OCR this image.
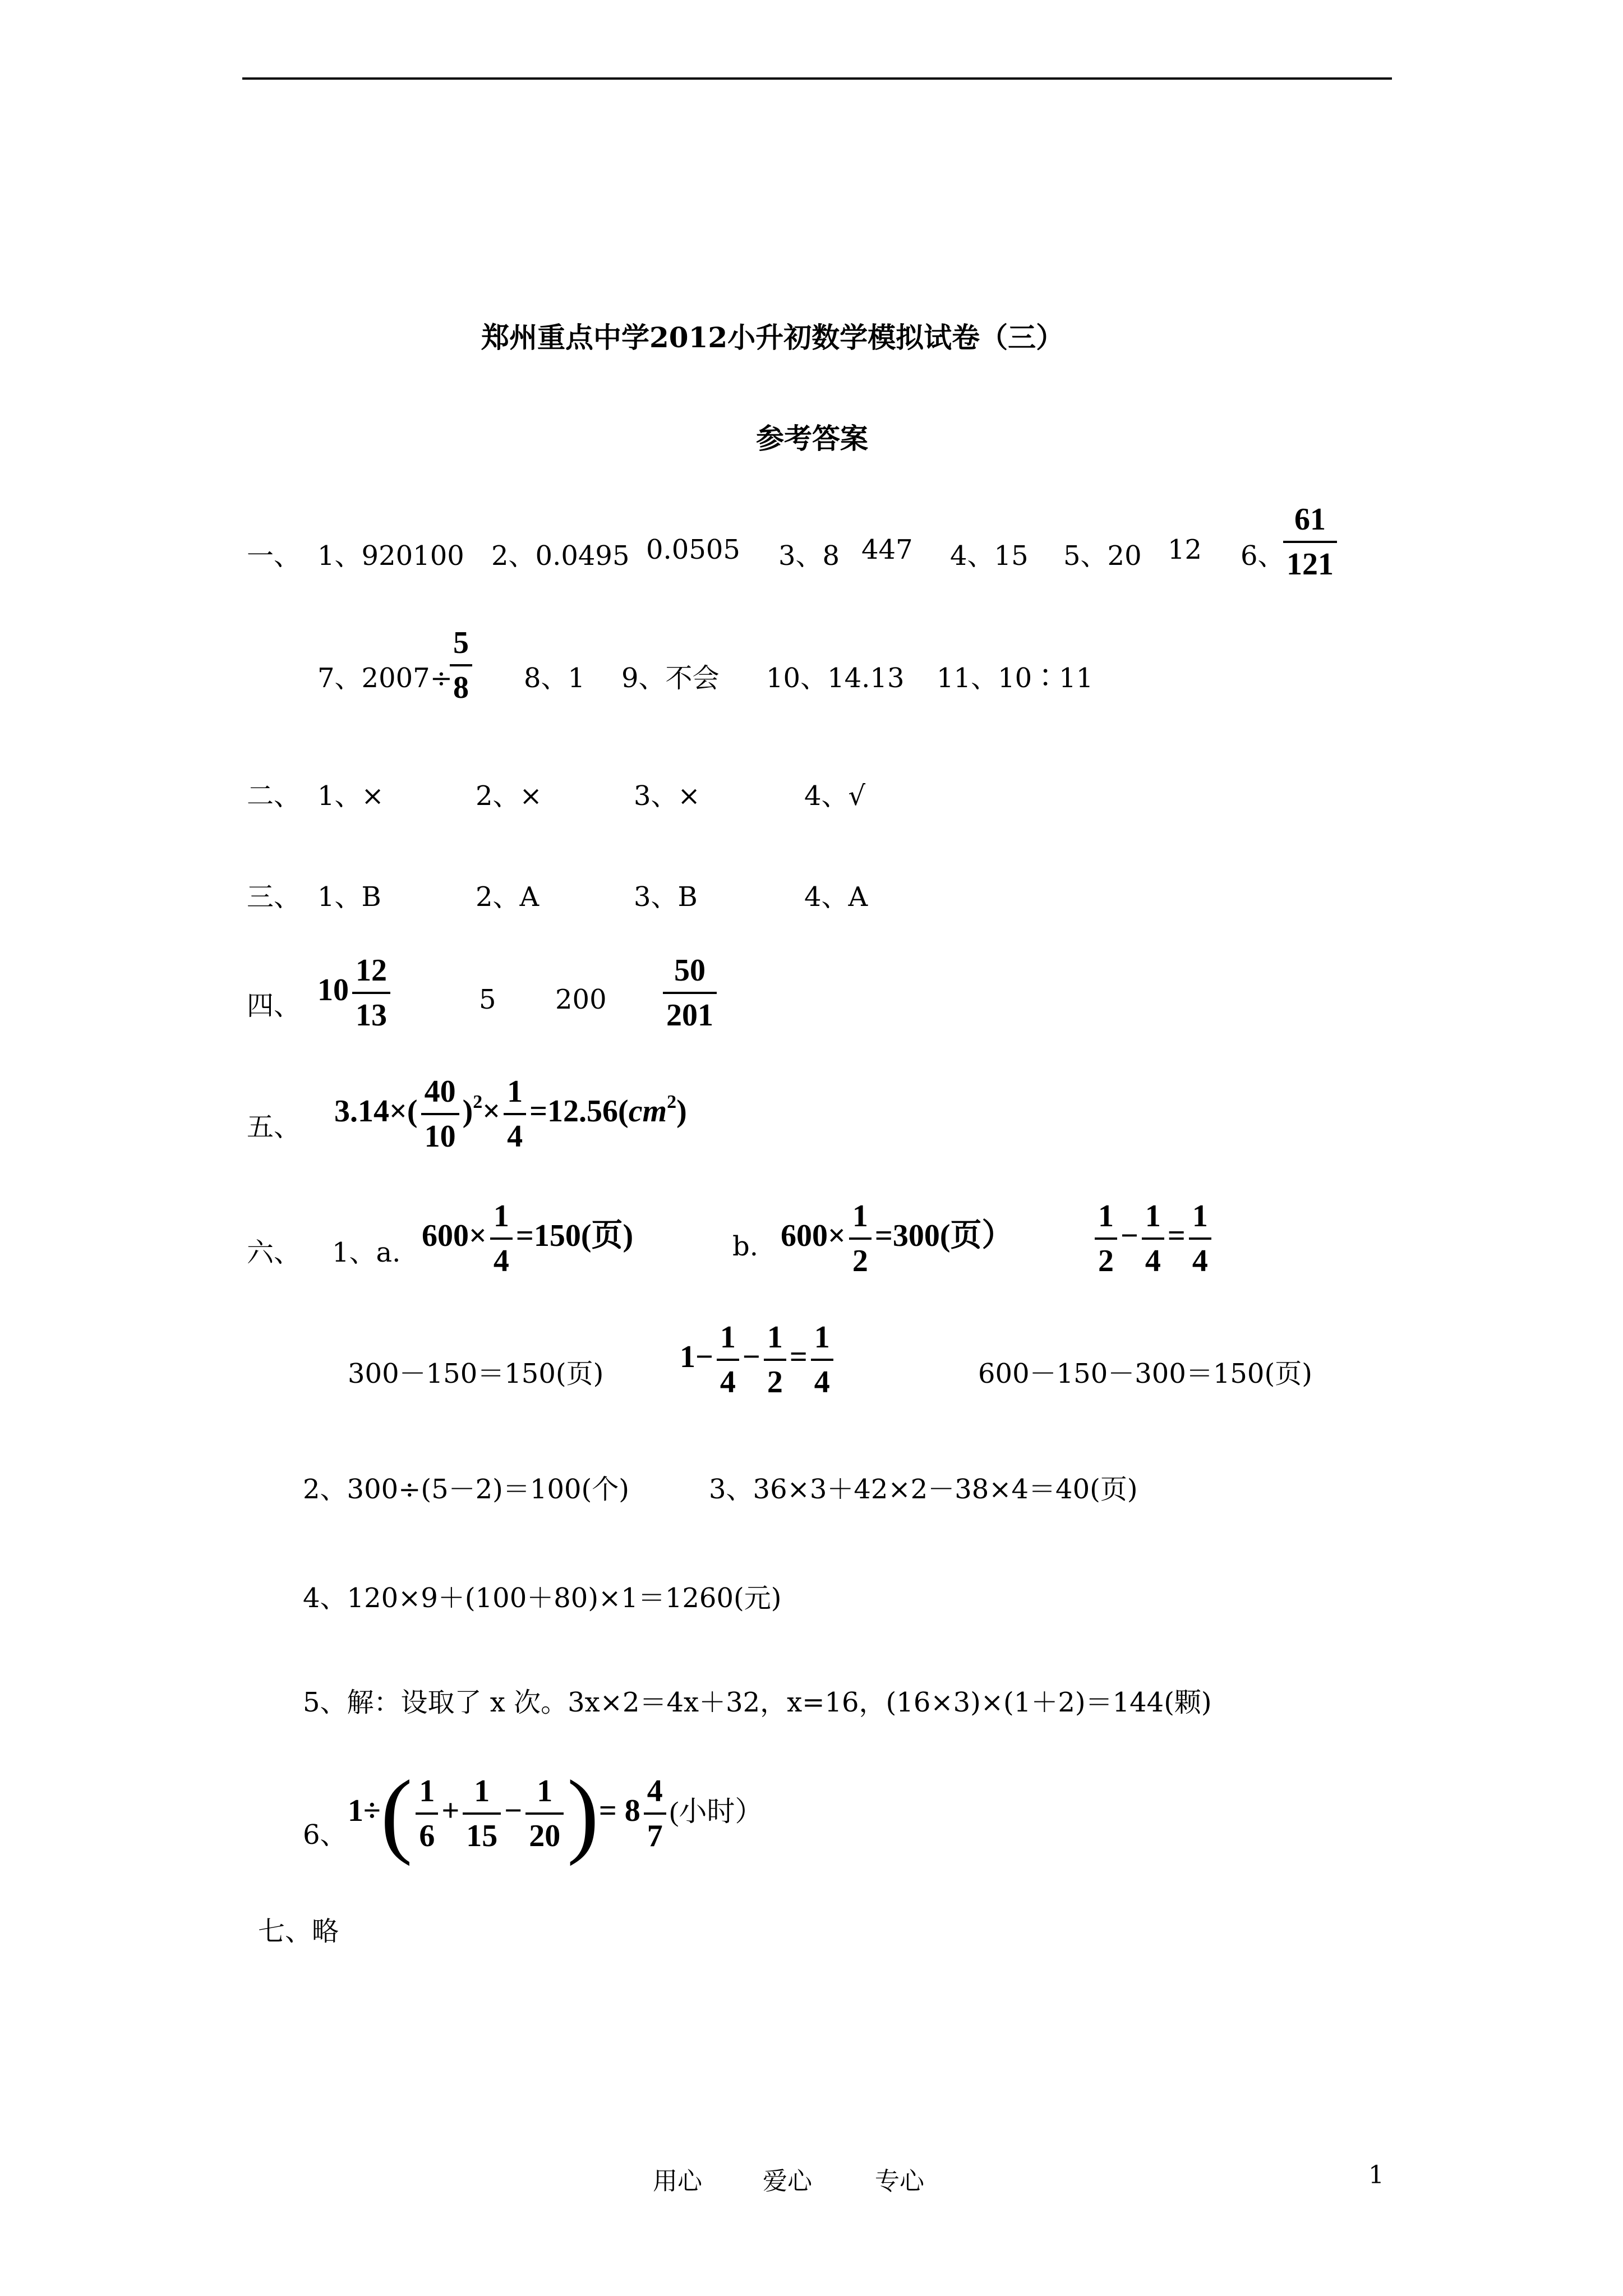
郑州重点中学2012小升初数学模拟试卷（三）
参考答案
一、 1、920100 2、0.0495 0.0505 3、8 447 4、15 5、20 12 6、
$\frac{61}{121}$
7、2007÷
$\frac{5}{8} 8$、1 9、不会 10、14.13 11、10∶11
二、 1、×	2、×	3、×	4、√
三、 1、B	2、A	3、B	4、A
四、 $10 \frac{12}{13}$	5 $200 \frac{50}{201}$
五、 $3.14\times( \frac{40}{10} )^2\times \frac{1}{4} =12.56(cm^2)$
六、 1、a. $600\times \frac{1}{4} =150$(页)	b. $600\times \frac{1}{2} =300$(页）	$\frac{1}{2} - \frac{1}{4} = \frac{1}{4}$
300－150＝150(页) $1- \frac{1}{4} - \frac{1}{2} = \frac{1}{4}$	600－150－300＝150(页)
2、300÷(5－2)＝100(个)	3、36×3＋42×2－38×4＝40(页)
4、120×9＋(100＋80)×1＝1260(元)
5、解：设取了 x 次。3x×2＝4x＋32，x=16，(16×3)×(1＋2)＝144(颗)
6、
$1\div( \frac{1}{6} + \frac{1}{15} - \frac{1}{20}$ )= $8 \frac{4}{7}$ (小时）
七、略
用心 爱心	专心	1
